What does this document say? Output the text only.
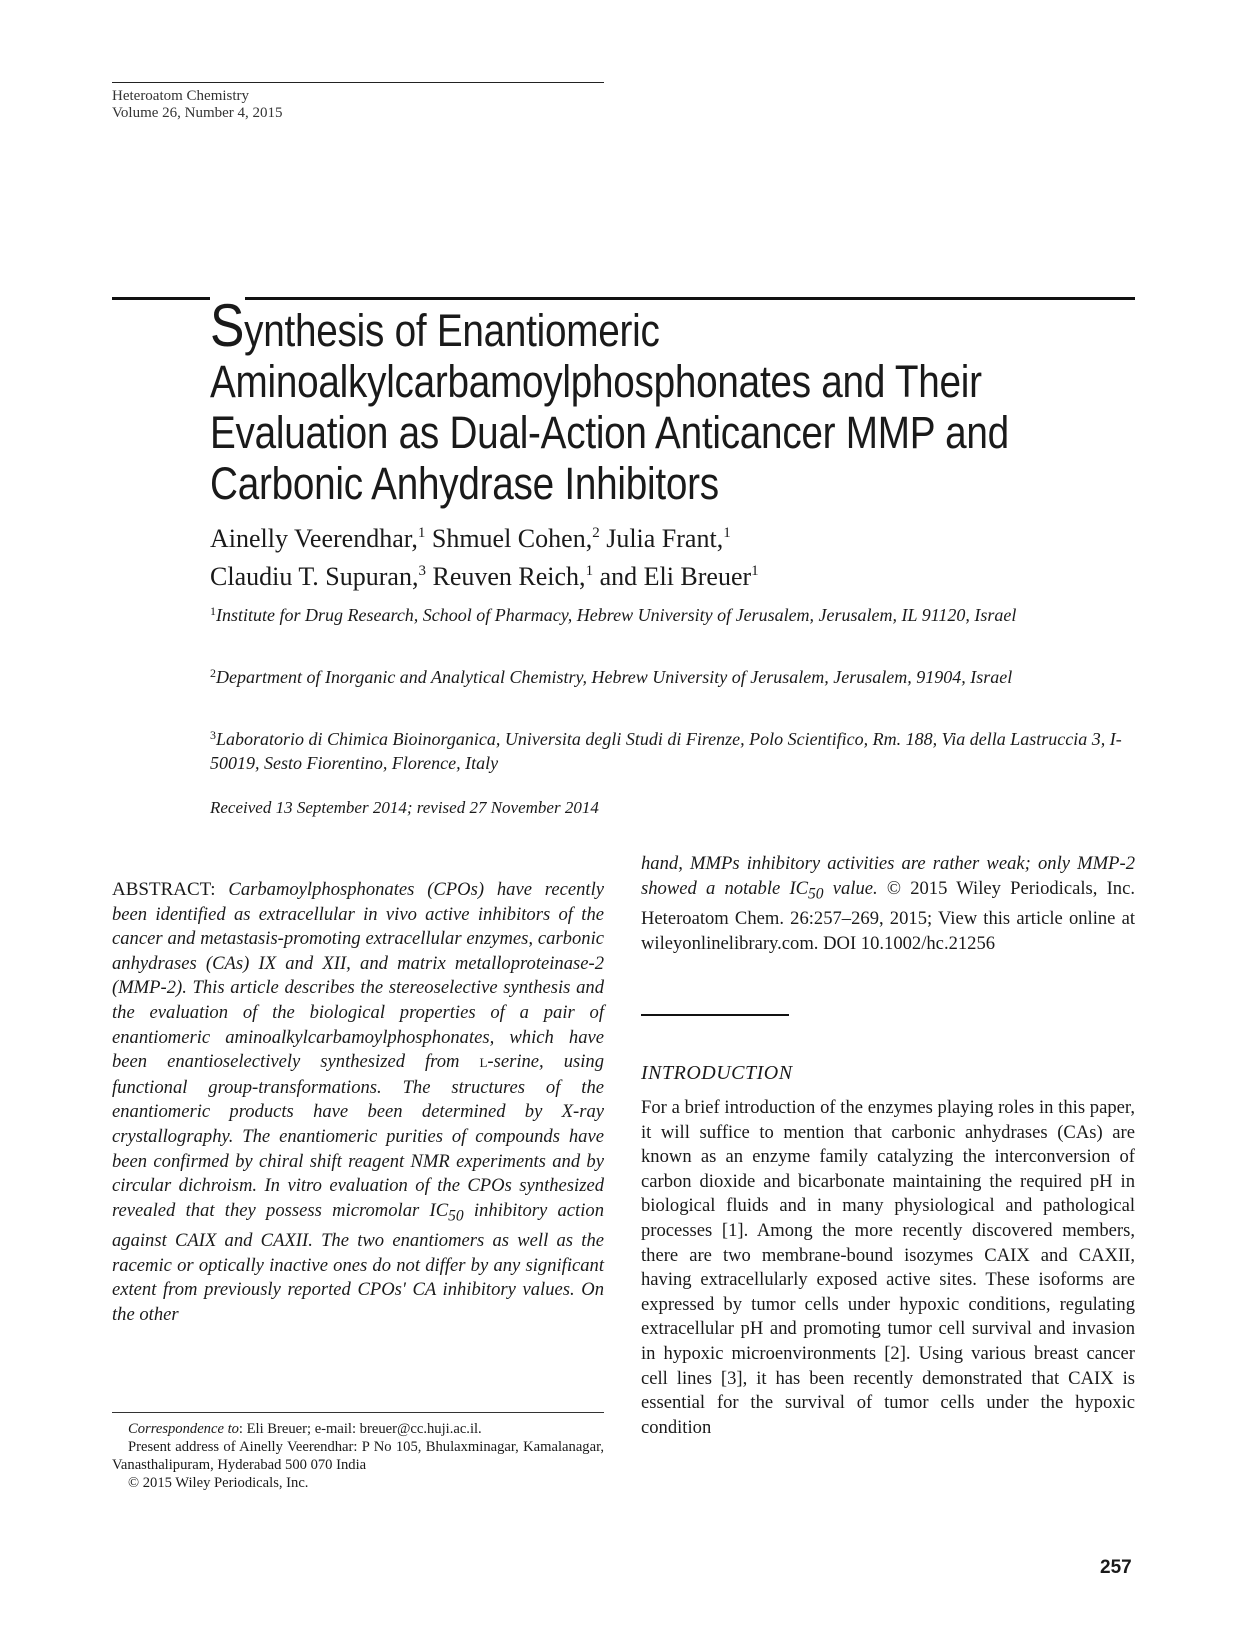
Heteroatom Chemistry
Volume 26, Number 4, 2015
Synthesis of Enantiomeric Aminoalkylcarbamoylphosphonates and Their Evaluation as Dual-Action Anticancer MMP and Carbonic Anhydrase Inhibitors
Ainelly Veerendhar,$^1$ Shmuel Cohen,$^2$ Julia Frant,$^1$
Claudiu T. Supuran,$^3$ Reuven Reich,$^1$ and Eli Breuer$^1$
$^1$Institute for Drug Research, School of Pharmacy, Hebrew University of Jerusalem, Jerusalem, IL 91120, Israel
$^2$Department of Inorganic and Analytical Chemistry, Hebrew University of Jerusalem, Jerusalem, 91904, Israel
$^3$Laboratorio di Chimica Bioinorganica, Universita degli Studi di Firenze, Polo Scientifico, Rm. 188, Via della Lastruccia 3, I-50019, Sesto Fiorentino, Florence, Italy
Received 13 September 2014; revised 27 November 2014
ABSTRACT: Carbamoylphosphonates (CPOs) have recently been identified as extracellular in vivo active inhibitors of the cancer and metastasis-promoting extracellular enzymes, carbonic anhydrases (CAs) IX and XII, and matrix metalloproteinase-2 (MMP-2). This article describes the stereoselective synthesis and the evaluation of the biological properties of a pair of enantiomeric aminoalkylcarbamoylphosphonates, which have been enantioselectively synthesized from L-serine, using functional group-transformations. The structures of the enantiomeric products have been determined by X-ray crystallography. The enantiomeric purities of compounds have been confirmed by chiral shift reagent NMR experiments and by circular dichroism. In vitro evaluation of the CPOs synthesized revealed that they possess micromolar $IC_{50}$ inhibitory action against CAIX and CAXII. The two enantiomers as well as the racemic or optically inactive ones do not differ by any significant extent from previously reported CPOs' CA inhibitory values. On the other

Correspondence to: Eli Breuer; e-mail: breuer@cc.huji.ac.il.

Present address of Ainelly Veerendhar: P No 105, Bhulaxminagar, Kamalanagar, Vanasthalipuram, Hyderabad 500 070 India

© 2015 Wiley Periodicals, Inc.

INTRODUCTION
For a brief introduction of the enzymes playing roles in this paper, it will suffice to mention that carbonic anhydrases (CAs) are known as an enzyme family catalyzing the interconversion of carbon dioxide and bicarbonate maintaining the required pH in biological fluids and in many physiological and pathological processes [1]. Among the more recently discovered members, there are two membrane-bound isozymes CAIX and CAXII, having extracellularly exposed active sites. These isoforms are expressed by tumor cells under hypoxic conditions, regulating extracellular pH and promoting tumor cell survival and invasion in hypoxic microenvironments [2]. Using various breast cancer cell lines [3], it has been recently demonstrated that CAIX is essential for the survival of tumor cells under the hypoxic condition
257
hand, MMPs inhibitory activities are rather weak; only MMP-2 showed a notable $IC_{50}$ value. © 2015 Wiley Periodicals, Inc. Heteroatom Chem. 26:257–269, 2015; View this article online at wileyonlinelibrary.com. DOI 10.1002/hc.21256
